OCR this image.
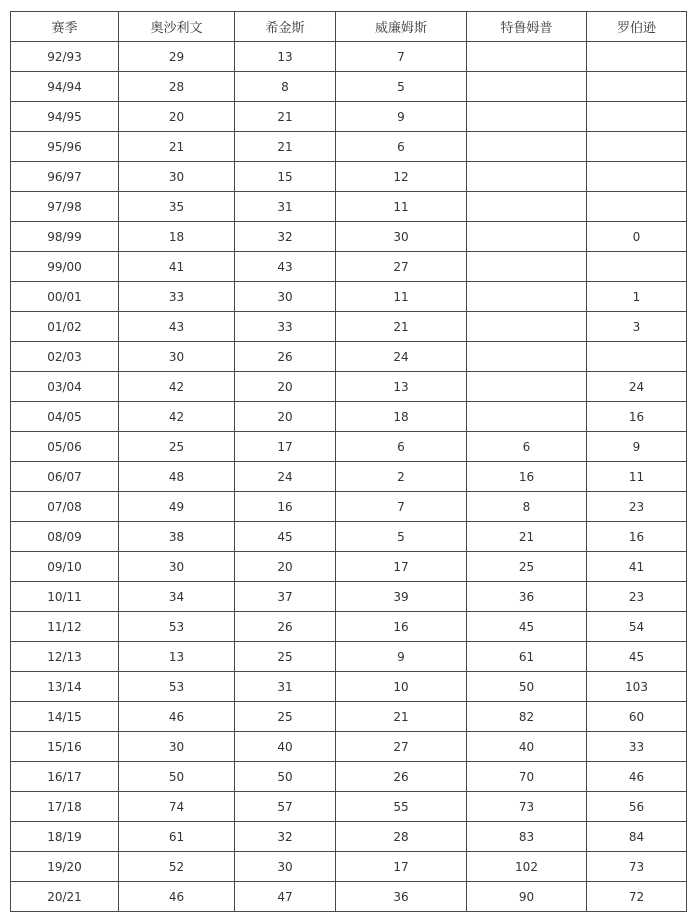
赛季	奥沙利文	希金斯	威廉姆斯	特鲁姆普	罗伯逊
92/93	29	13	7		
94/94	28	8	5		
94/95	20	21	9		
95/96	21	21	6		
96/97	30	15	12		
97/98	35	31	11		
98/99	18	32	30		0
99/00	41	43	27		
00/01	33	30	11		1
01/02	43	33	21		3
02/03	30	26	24		
03/04	42	20	13		24
04/05	42	20	18		16
05/06	25	17	6	6	9
06/07	48	24	2	16	11
07/08	49	16	7	8	23
08/09	38	45	5	21	16
09/10	30	20	17	25	41
10/11	34	37	39	36	23
11/12	53	26	16	45	54
12/13	13	25	9	61	45
13/14	53	31	10	50	103
14/15	46	25	21	82	60
15/16	30	40	27	40	33
16/17	50	50	26	70	46
17/18	74	57	55	73	56
18/19	61	32	28	83	84
19/20	52	30	17	102	73
20/21	46	47	36	90	72
